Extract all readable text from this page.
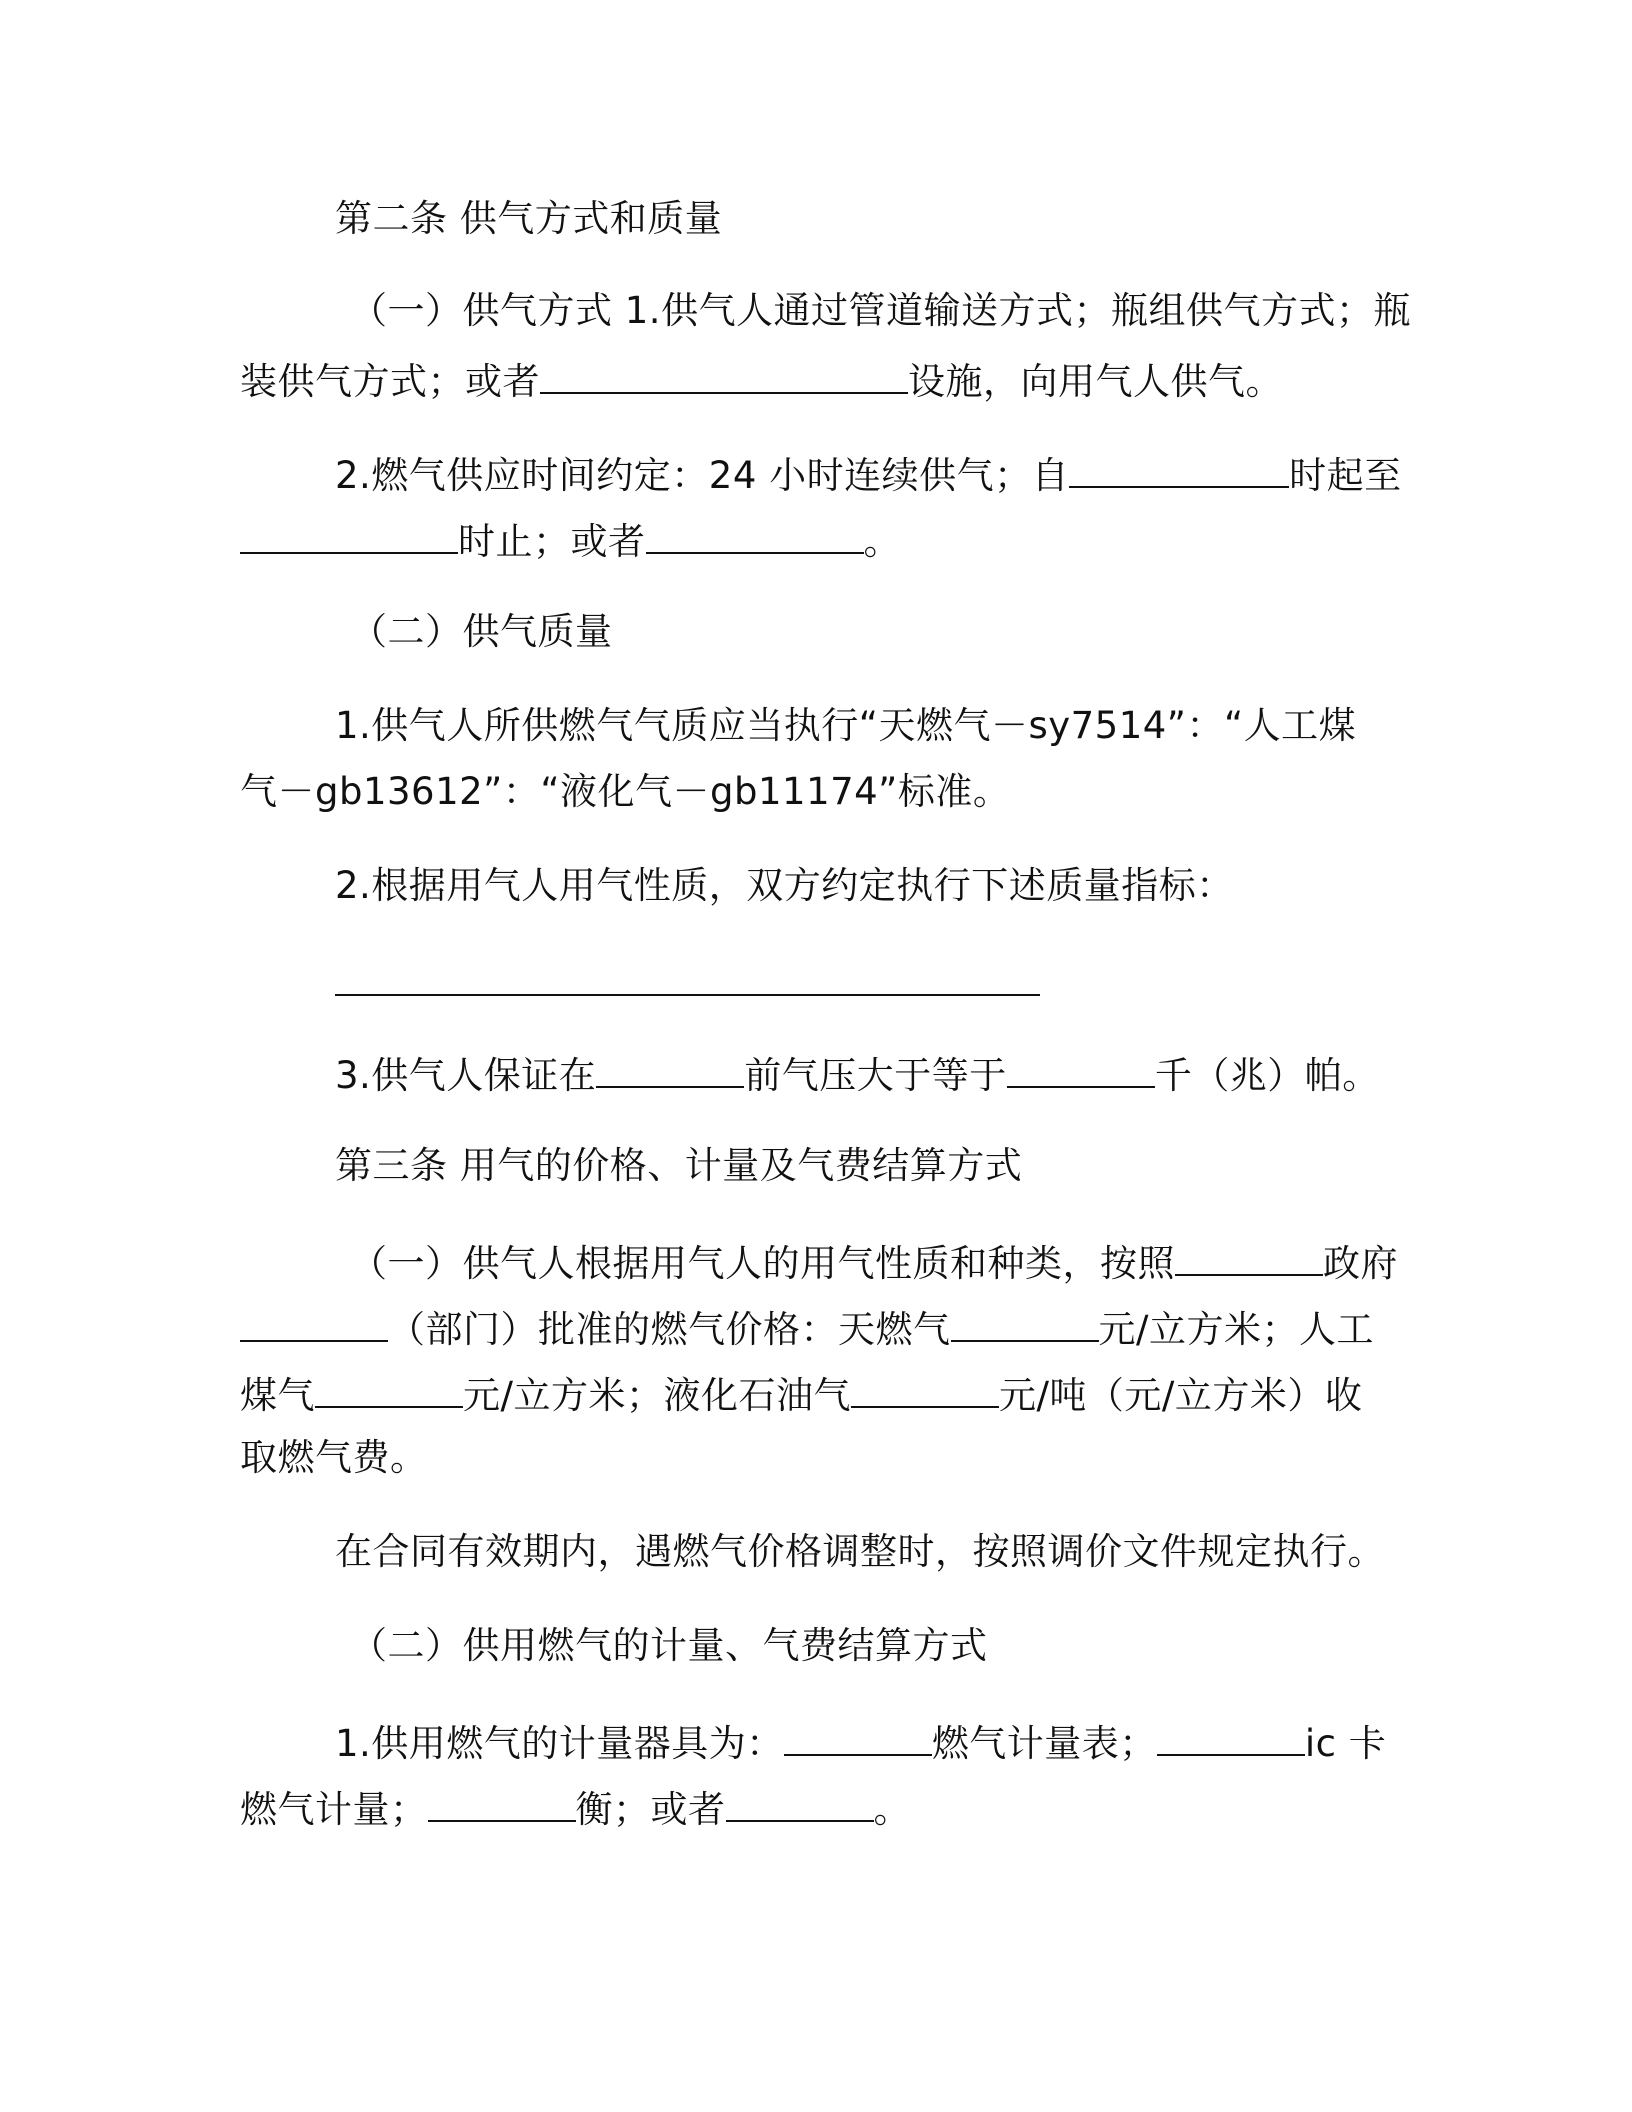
第二条 供气方式和质量
（一）供气方式 1.供气人通过管道输送方式；瓶组供气方式；瓶
装供气方式；或者	设施，向用气人供气。
2.燃气供应时间约定：24 小时连续供气；自	时起至
时止；或者	。
（二）供气质量
1.供气人所供燃气气质应当执行“天燃气－sy7514”：“人工煤
气－gb13612”：“液化气－gb11174”标准。
2.根据用气人用气性质，双方约定执行下述质量指标：
3.供气人保证在	前气压大于等于	千（兆）帕。
第三条 用气的价格、计量及气费结算方式
（一）供气人根据用气人的用气性质和种类，按照	政府
（部门）批准的燃气价格：天燃气	元/立方米；人工
煤气	元/立方米；液化石油气	元/吨（元/立方米）收
取燃气费。
在合同有效期内，遇燃气价格调整时，按照调价文件规定执行。
（二）供用燃气的计量、气费结算方式
1.供用燃气的计量器具为：	燃气计量表；	ic 卡
燃气计量；	衡；或者	。
